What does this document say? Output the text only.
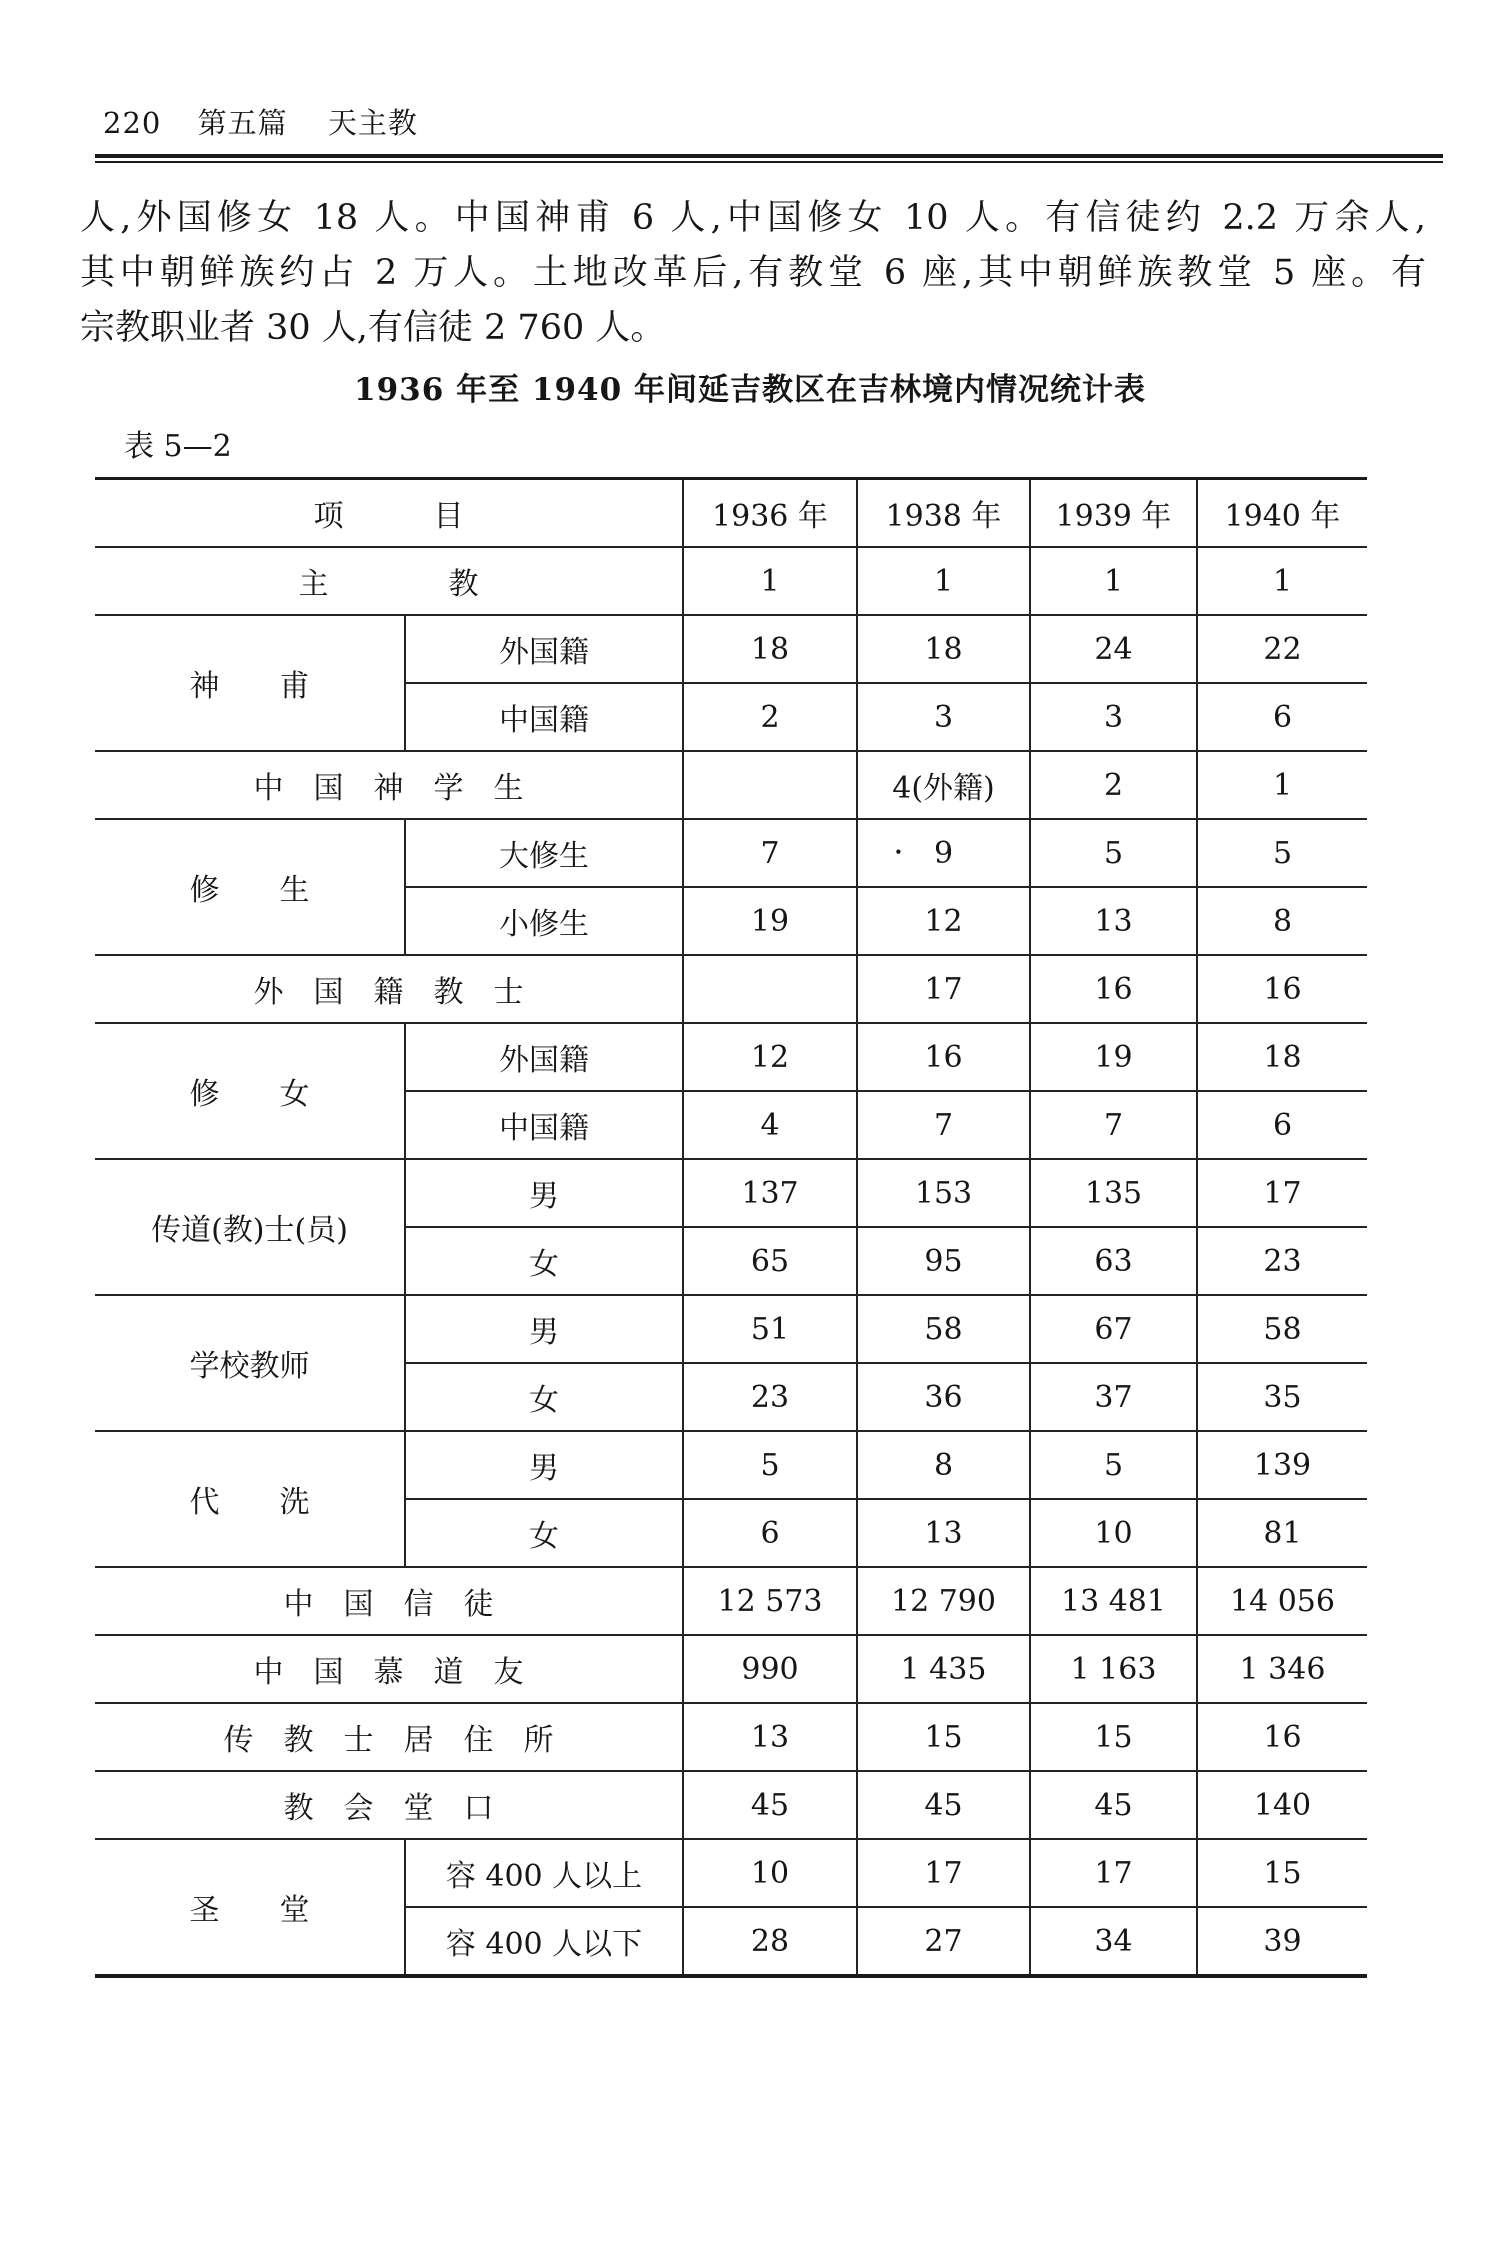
220 第五篇 天主教
人,外国修女 18 人。中国神甫 6 人,中国修女 10 人。有信徒约 2.2 万余人,
其中朝鲜族约占 2 万人。土地改革后,有教堂 6 座,其中朝鲜族教堂 5 座。有
宗教职业者 30 人,有信徒 2 760 人。
1936 年至 1940 年间延吉教区在吉林境内情况统计表
表 5—2
项　　　目		1936 年	1938 年	1939 年	1940 年
主　　　　教		1	1	1	1
神　　甫	外国籍	18	18	24	22
	中国籍	2	3	3	6
中　国　神　学　生			4(外籍)	2	1
修　　生	大修生	7	• 9	5	5
	小修生	19	12	13	8
外　国　籍　教　士			17	16	16
修　　女	外国籍	12	16	19	18
	中国籍	4	7	7	6
传道(教)士(员)	男	137	153	135	17
	女	65	95	63	23
学校教师	男	51	58	67	58
	女	23	36	37	35
代　　洗	男	5	8	5	139
	女	6	13	10	81
中　国　信　徒		12 573	12 790	13 481	14 056
中　国　慕　道　友		990	1 435	1 163	1 346
传　教　士　居　住　所		13	15	15	16
教　会　堂　口		45	45	45	140
圣　　堂	容 400 人以上	10	17	17	15
	容 400 人以下	28	27	34	39
